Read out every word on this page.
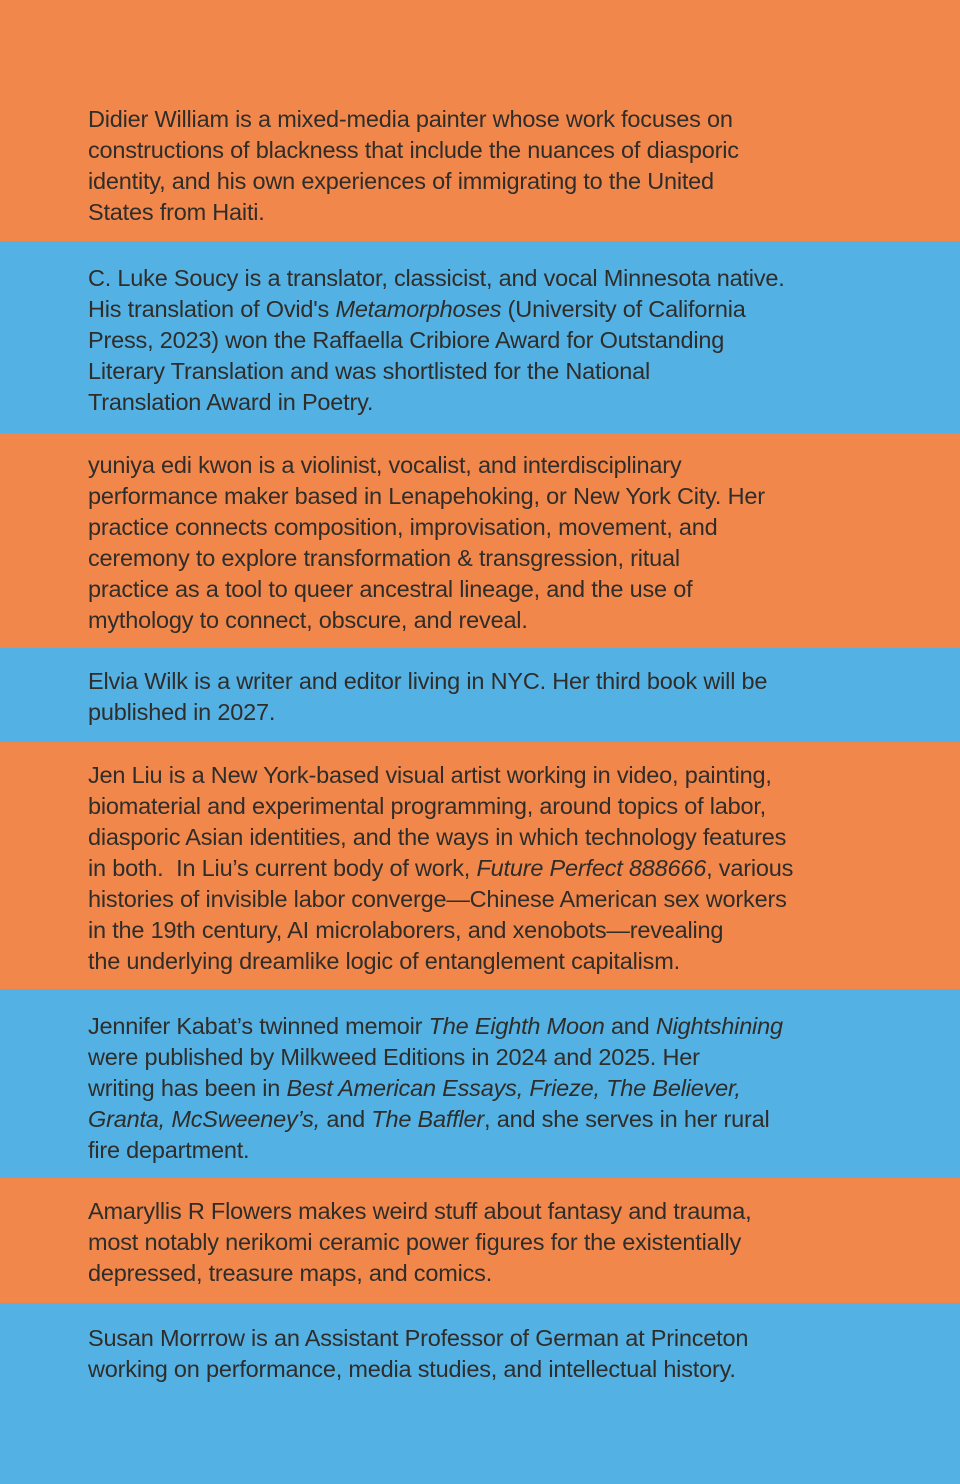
Didier William is a mixed-media painter whose work focuses on
constructions of blackness that include the nuances of diasporic
identity, and his own experiences of immigrating to the United
States from Haiti.

C. Luke Soucy is a translator, classicist, and vocal Minnesota native.
His translation of Ovid's Metamorphoses (University of California
Press, 2023) won the Raffaella Cribiore Award for Outstanding
Literary Translation and was shortlisted for the National
Translation Award in Poetry.

yuniya edi kwon is a violinist, vocalist, and interdisciplinary
performance maker based in Lenapehoking, or New York City. Her
practice connects composition, improvisation, movement, and
ceremony to explore transformation & transgression, ritual
practice as a tool to queer ancestral lineage, and the use of
mythology to connect, obscure, and reveal.

Elvia Wilk is a writer and editor living in NYC. Her third book will be
published in 2027.

Jen Liu is a New York-based visual artist working in video, painting,
biomaterial and experimental programming, around topics of labor,
diasporic Asian identities, and the ways in which technology features
in both.  In Liu’s current body of work, Future Perfect 888666, various
histories of invisible labor converge—Chinese American sex workers
in the 19th century, AI microlaborers, and xenobots—revealing
the underlying dreamlike logic of entanglement capitalism.

Jennifer Kabat’s twinned memoir The Eighth Moon and Nightshining
were published by Milkweed Editions in 2024 and 2025. Her
writing has been in Best American Essays, Frieze, The Believer,
Granta, McSweeney’s, and The Baffler, and she serves in her rural
fire department.

Amaryllis R Flowers makes weird stuff about fantasy and trauma,
most notably nerikomi ceramic power figures for the existentially
depressed, treasure maps, and comics.

Susan Morrrow is an Assistant Professor of German at Princeton
working on performance, media studies, and intellectual history.
